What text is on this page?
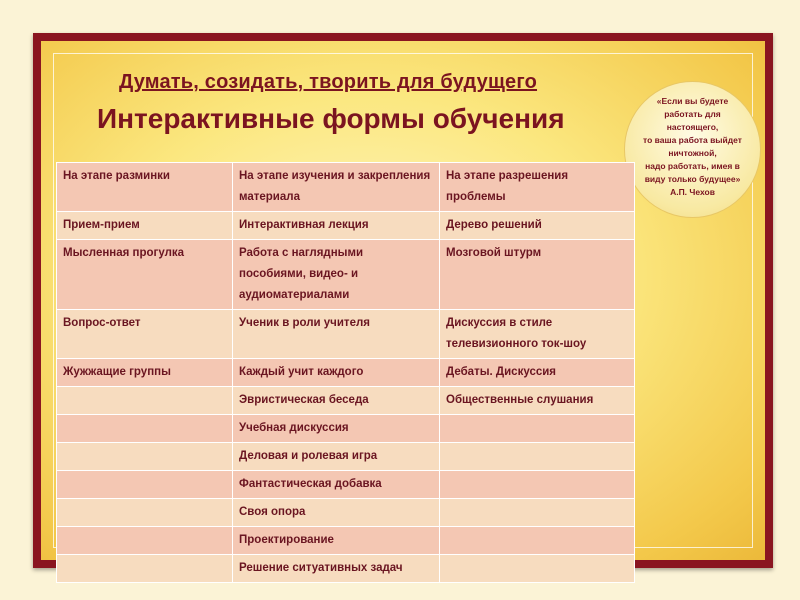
Думать, созидать, творить для будущего
Интерактивные формы обучения
«Если вы будете
работать для
настоящего,
то ваша работа выйдет
ничтожной,
надо работать, имея в
виду только будущее»
А.П. Чехов
На этапе разминки	На этапе изучения и закрепления материала	На этапе разрешения проблемы
Прием-прием	Интерактивная лекция	Дерево решений
Мысленная прогулка	Работа с наглядными пособиями, видео- и аудиоматериалами	Мозговой штурм
Вопрос-ответ	Ученик в роли учителя	Дискуссия в стиле телевизионного ток-шоу
Жужжащие группы	Каждый учит каждого	Дебаты. Дискуссия
	Эвристическая беседа	Общественные слушания
	Учебная дискуссия	
	Деловая и ролевая игра	
	Фантастическая добавка	
	Своя опора	
	Проектирование	
	Решение ситуативных задач	
